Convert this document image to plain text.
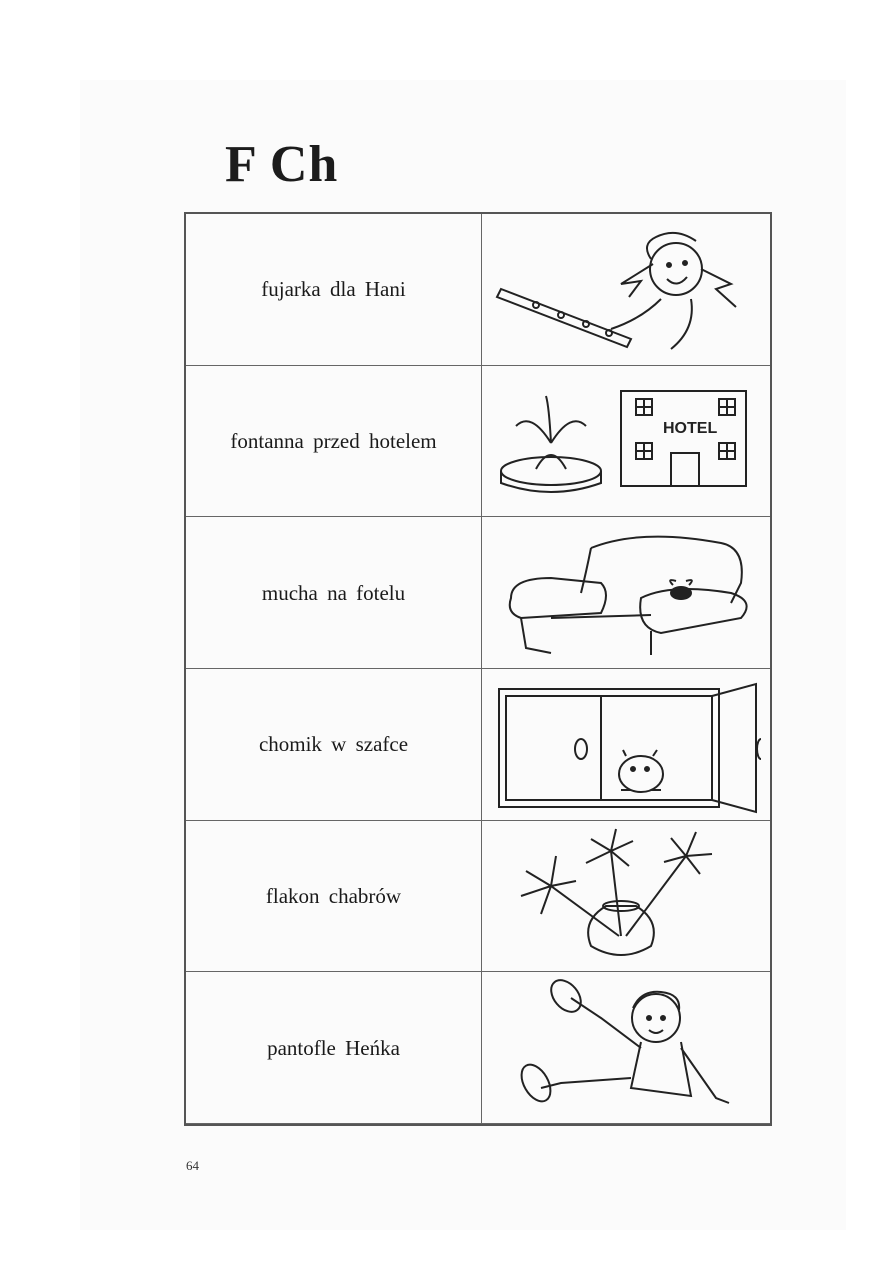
F Ch
fujarka dla Hani
fontanna przed hotelem
HOTEL
mucha na fotelu
chomik w szafce
flakon chabrów
pantofle Heńka
64
